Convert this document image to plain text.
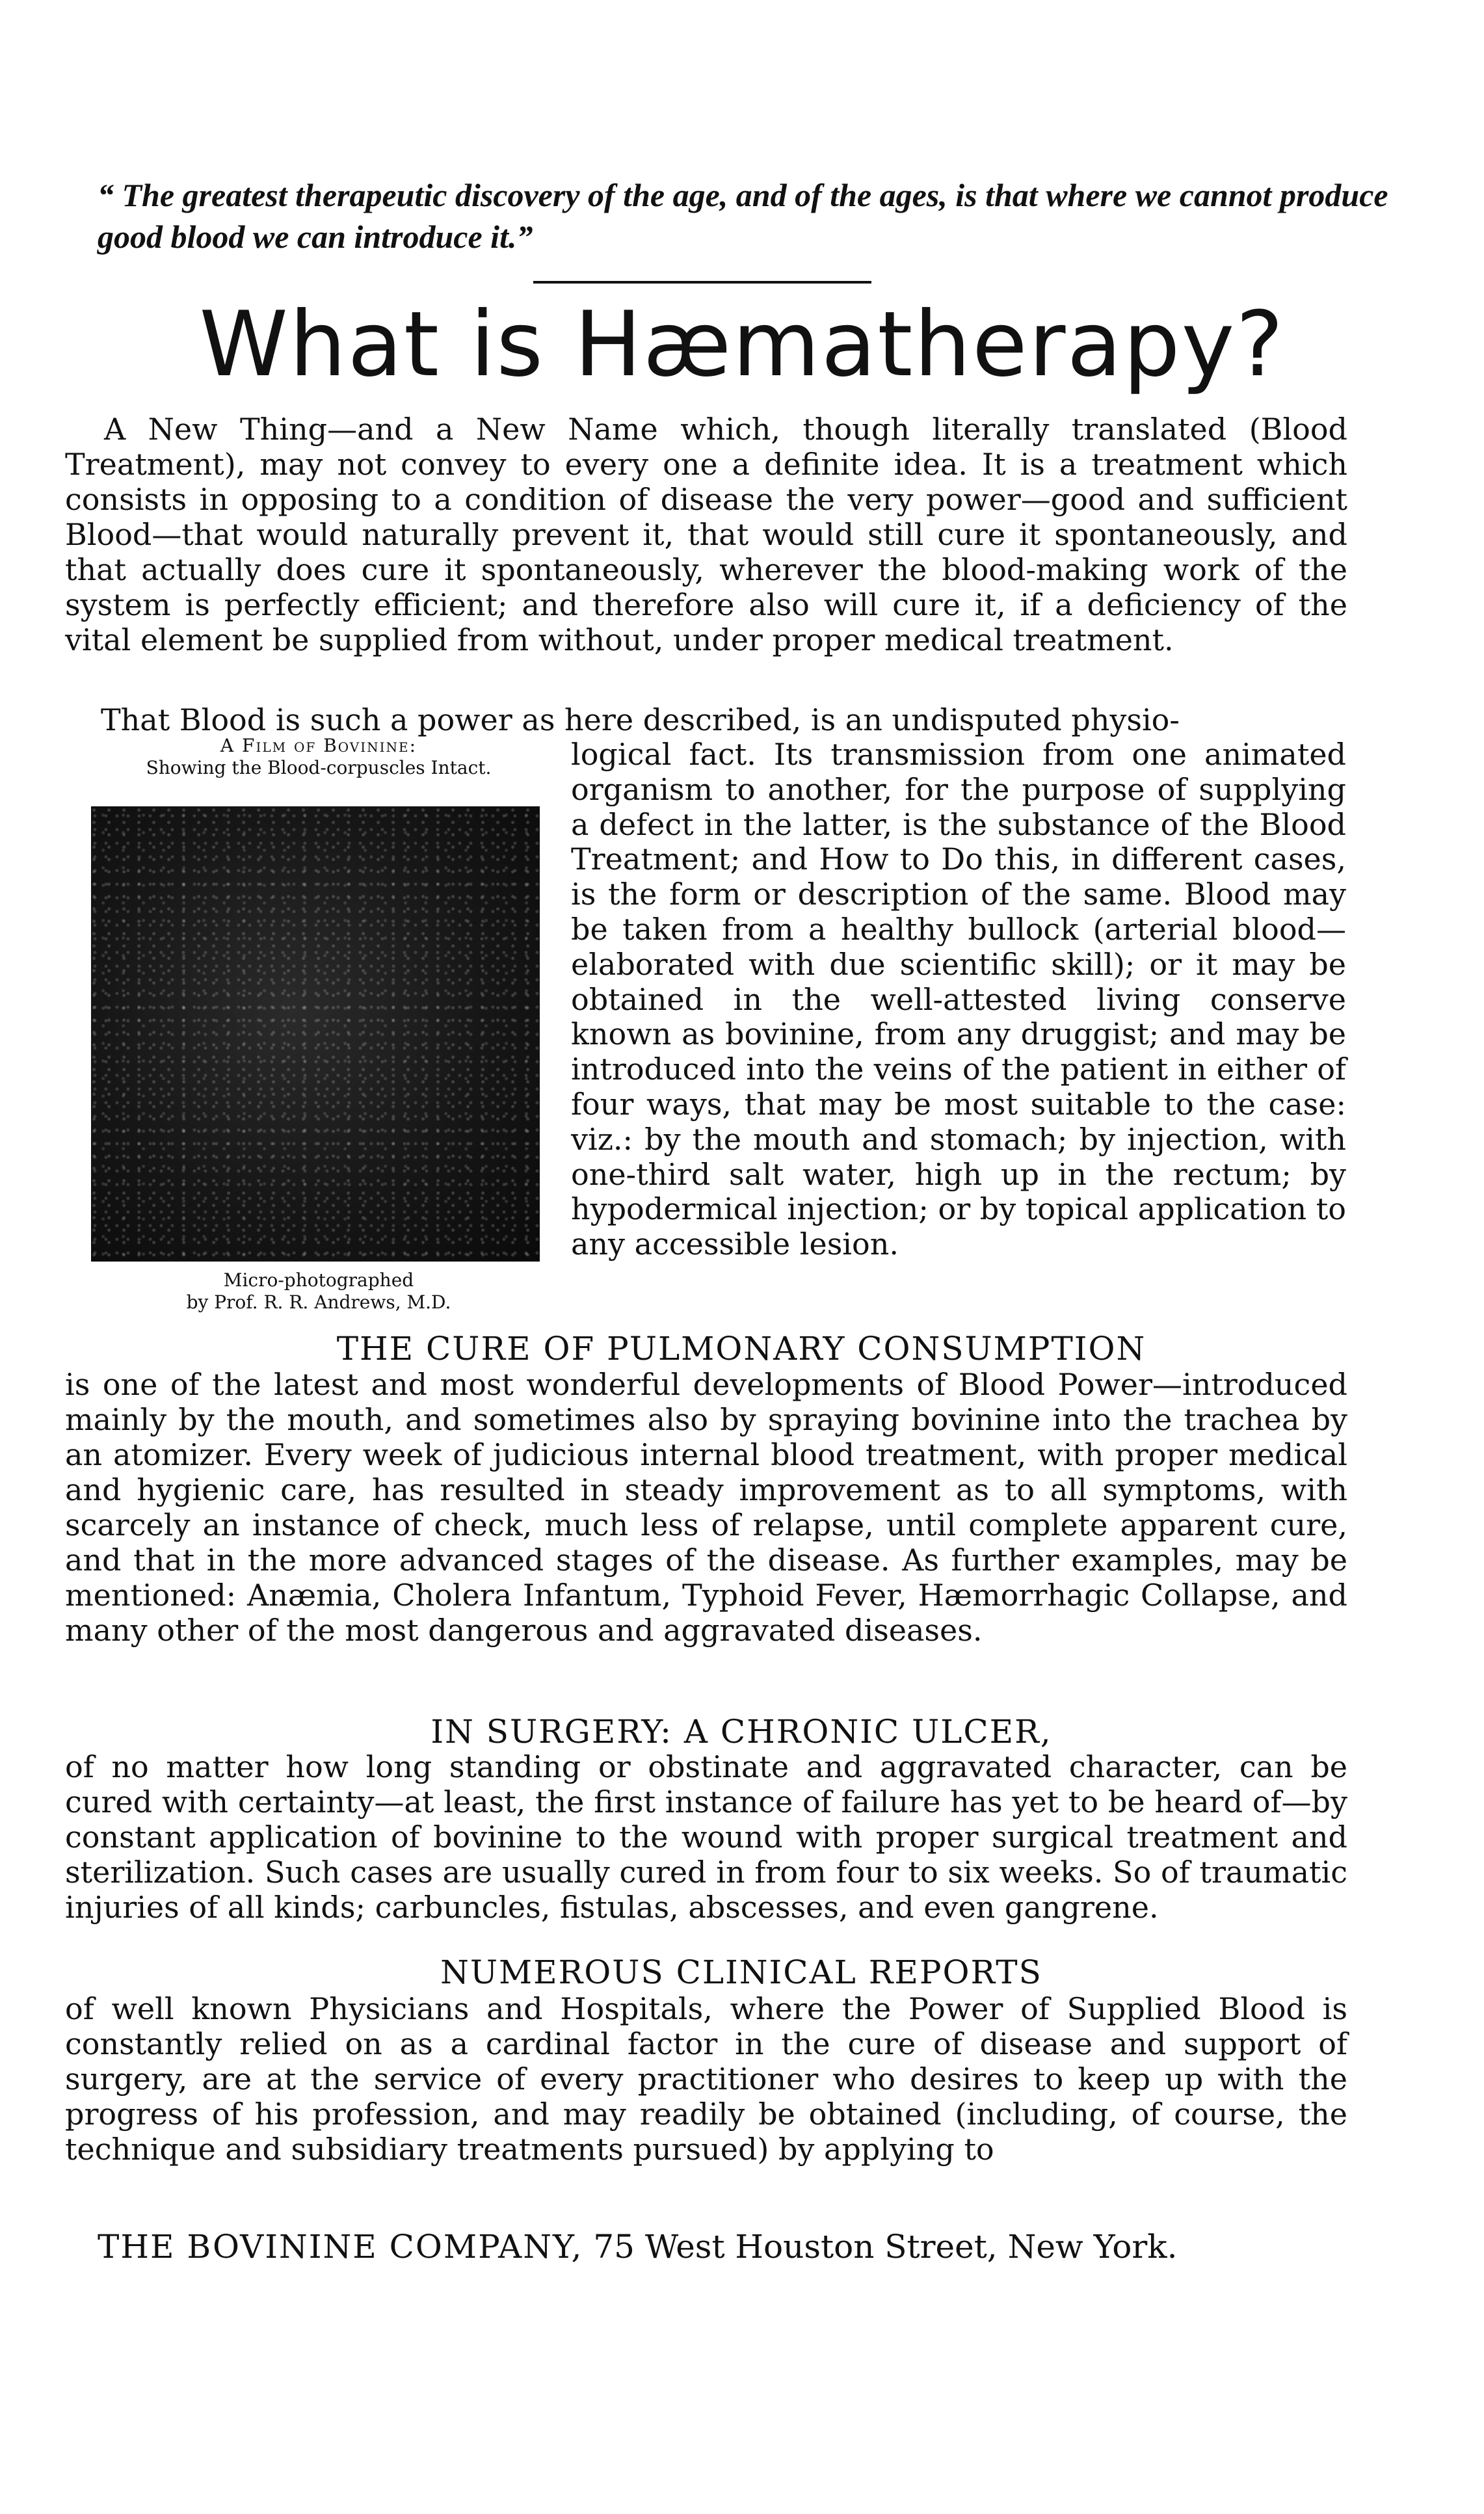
“ The greatest therapeutic discovery of the age, and of the ages, is that where we cannot produce good blood we can introduce it.”
What is Hæmatherapy?

A New Thing—and a New Name which, though literally translated (Blood Treatment), may not convey to every one a definite idea. It is a treatment which consists in opposing to a condition of disease the very power—good and sufficient Blood—that would naturally prevent it, that would still cure it spontaneously, and that actually does cure it spontaneously, wherever the blood-making work of the system is perfectly efficient; and therefore also will cure it, if a deficiency of the vital element be supplied from without, under proper medical treatment.

That Blood is such a power as here described, is an undisputed physio-
A Film of Bovinine:
Showing the Blood-corpuscles Intact.
Micro-photographed
by Prof. R. R. Andrews, M.D.

logical fact. Its transmission from one animated organism to another, for the purpose of supplying a defect in the latter, is the substance of the Blood Treatment; and How to Do this, in different cases, is the form or description of the same. Blood may be taken from a healthy bullock (arterial blood—elaborated with due scientific skill); or it may be obtained in the well-attested living conserve known as bovinine, from any druggist; and may be introduced into the veins of the patient in either of four ways, that may be most suitable to the case: viz.: by the mouth and stomach; by injection, with one-third salt water, high up in the rectum; by hypodermical injection; or by topical application to any accessible lesion.

THE CURE OF PULMONARY CONSUMPTION

is one of the latest and most wonderful developments of Blood Power—introduced mainly by the mouth, and sometimes also by spraying bovinine into the trachea by an atomizer. Every week of judicious internal blood treatment, with proper medical and hygienic care, has resulted in steady improvement as to all symptoms, with scarcely an instance of check, much less of relapse, until complete apparent cure, and that in the more advanced stages of the disease. As further examples, may be mentioned: Anæmia, Cholera Infantum, Typhoid Fever, Hæmorrhagic Collapse, and many other of the most dangerous and aggravated diseases.

IN SURGERY: A CHRONIC ULCER,

of no matter how long standing or obstinate and aggravated character, can be cured with certainty—at least, the first instance of failure has yet to be heard of—by constant application of bovinine to the wound with proper surgical treatment and sterilization. Such cases are usually cured in from four to six weeks. So of traumatic injuries of all kinds; carbuncles, fistulas, abscesses, and even gangrene.

NUMEROUS CLINICAL REPORTS

of well known Physicians and Hospitals, where the Power of Supplied Blood is constantly relied on as a cardinal factor in the cure of disease and support of surgery, are at the service of every practitioner who desires to keep up with the progress of his profession, and may readily be obtained (including, of course, the technique and subsidiary treatments pursued) by applying to

THE BOVININE COMPANY, 75 West Houston Street, New York.
